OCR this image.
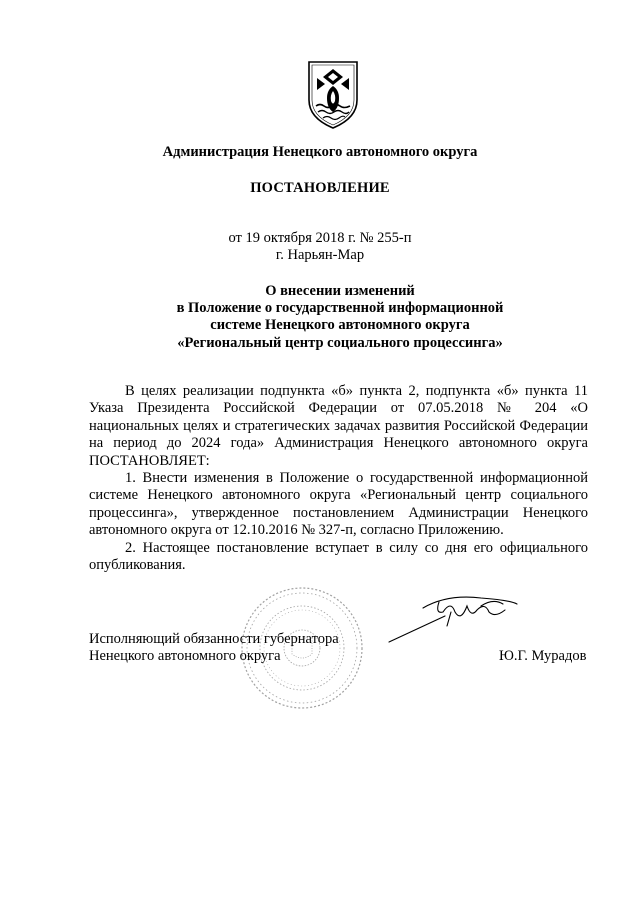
Администрация Ненецкого автономного округа
ПОСТАНОВЛЕНИЕ
от 19 октября 2018 г. № 255-п
г. Нарьян-Мар
О внесении изменений
в Положение о государственной информационной
системе Ненецкого автономного округа
«Региональный центр социального процессинга»

В целях реализации подпункта «б» пункта 2, подпункта «б» пункта 11 Указа Президента Российской Федерации от 07.05.2018 № 204 «О национальных целях и стратегических задачах развития Российской Федерации на период до 2024 года» Администрация Ненецкого автономного округа ПОСТАНОВЛЯЕТ:

1. Внести изменения в Положение о государственной информационной системе Ненецкого автономного округа «Региональный центр социального процессинга», утвержденное постановлением Администрации Ненецкого автономного округа от 12.10.2016 № 327-п, согласно Приложению.

2. Настоящее постановление вступает в силу со дня его официального опубликования.

Исполняющий обязанности губернатора
Ненецкого автономного округа	Ю.Г. Мурадов
